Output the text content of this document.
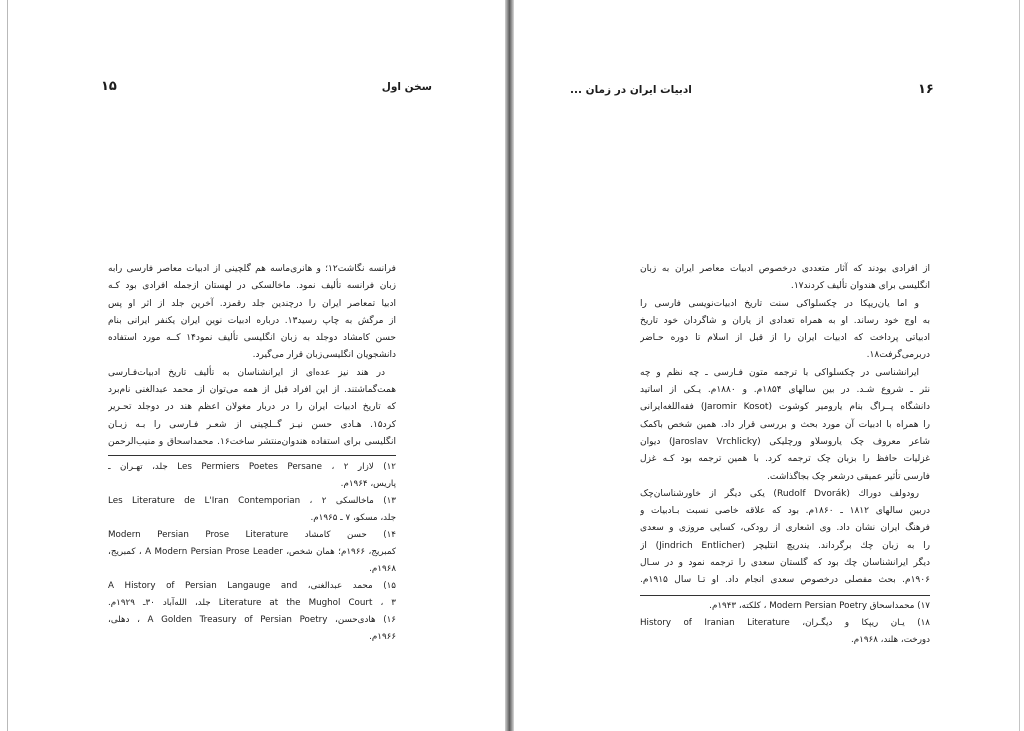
۱۵	سخن اول
فرانسه نگاشت۱۲؛ و هانری‌ماسه هم گلچینی از ادبیات معاصر فارسی رابه
زبان فرانسه تألیف نمود. ماخالسکی در لهستان ازجمله افرادی بود کـه
ادبیا تمعاصر ایران را درچندین جلد رقمزد. آخرین جلد از اثر او پس
از مرگش به چاپ رسید۱۳. درباره ادبیات نوین ایران یکنفر ایرانی بنام
حسن کامشاد دوجلد به زبان انگلیسی تألیف نمود۱۴ کــه مورد استفاده
دانشجویان انگلیسی‌زبان قرار می‌گیرد.
در هند نیز عده‌ای از ایرانشناسان به تألیف تاریخ ادبیات‌فـارسی
همت‌گماشتند. از این افراد قبل از همه می‌توان از محمد عبدالغنی نام‌برد
که تاریخ ادبیات ایران را در دربار مغولان اعظم هند در دوجلد تحـریر
کرد۱۵. هـادی حسن نیـز گــلچینی از شعـر فـارسی را بـه زبـان
انگلیسی برای استفاده هندوان‌منتشر ساخت۱۶. محمداسحاق و منیب‌الرحمن
۱۲) لازار Les Permiers Poetes Persane ، ۲ جلد، تهـران ـ
پاریس، ۱۹۶۴م.
۱۳) ماخالسکی Les Literature de L'Iran Contemporian ، ۲
جلد، مسکو، ۷ ـ ۱۹۶۵م.
۱۴) حسن کامشاد Modern Persian Prose Literature
کمبریج، ۱۹۶۶م؛ همان شخص، A Modern Persian Prose Leader ، کمبریج،
۱۹۶۸م.
۱۵) محمد عبدالغنی، A History of Persian Langauge and
Literature at the Mughol Court ، ۳ جلد، الله‌آباد ۳۰ـ ۱۹۲۹م.
۱۶) هادی‌حسن، A Golden Treasury of Persian Poetry ، دهلی،
۱۹۶۶م.
ادبیات ایران در زمان ...	۱۶
از افرادی بودند که آثار متعددی درخصوص ادبیات معاصر ایران به زبان
انگلیسی برای هندوان تألیف کردند۱۷.
و اما یان‌ریپکا در چکسلواکی سنت تاریخ ادبیات‌نویسی فارسی را
به اوج خود رساند. او به همراه تعدادی از یاران و شاگردان خود تاریخ
ادبیاتی پرداخت که ادبیات ایران را از قبل از اسلام تا دوره حـاضر
دربرمی‌گرفت۱۸.
ایرانشناسی در چکسلواکی با ترجمه متون فـارسی ـ چه نظم و چه
نثر ـ شروع شـد. در بین سالهای ۱۸۵۴م. و ۱۸۸۰م. یـکی از اساتید
دانشگاه پــراگ بنام یارومیر کوشوت (Jaromir Kosot) فقه‌اللغه‌ایرانی
را همراه با ادبیات آن مورد بحث و بررسی قرار داد. همین شخص باکمک
شاعر معروف چک یاروسلاو ورچلیکی (Jaroslav Vrchlicky) دیوان
غزلیات حافظ را بزبان چک ترجمه کرد. با همین ترجمه بود کـه غزل
فارسی تأثیر عمیقی درشعر چک بجاگذاشت.
رودولف دوراك (Rudolf Dvorák) یکی دیگر از خاورشناسان‌چک
دربین سالهای ۱۸۱۲ ـ ۱۸۶۰م. بود که علاقه خاصی نسبت بـادبیات و
فرهنگ ایران نشان داد. وی اشعاری از رودکی، کسایی مروزی و سعدی
را به زبان چك برگرداند. یندریچ انتلیچر (Jindrich Entlicher) از
دیگر ایرانشناسان چك بود که گلستان سعدی را ترجمه نمود و در سـال
۱۹۰۶م. بحث مفصلی درخصوص سعدی انجام داد. او تـا سال ۱۹۱۵م.
۱۷) محمداسحاق Modern Persian Poetry ، کلکته، ۱۹۴۳م.
۱۸) یـان ریپکا و دیگـران، History of Iranian Literature
دورخت، هلند، ۱۹۶۸م.
